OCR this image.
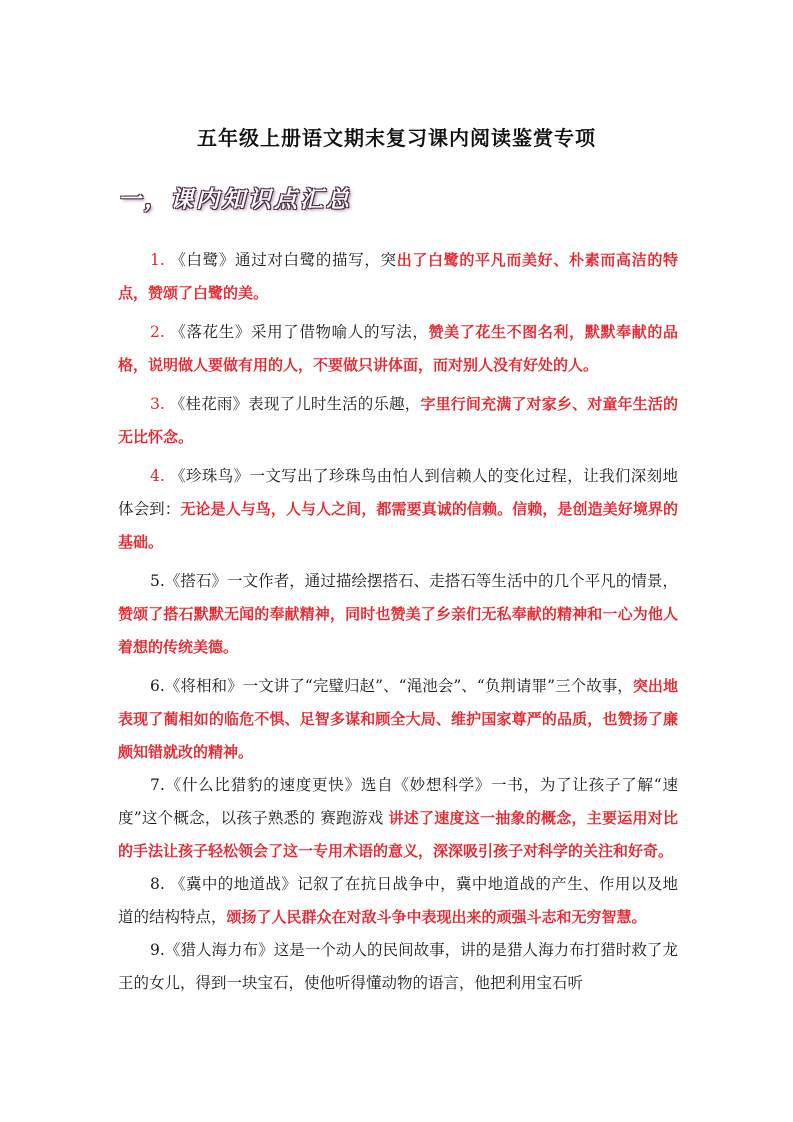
五年级上册语文期末复习课内阅读鉴赏专项
一，课内知识点汇总

1. 《白鹭》通过对白鹭的描写，突出了白鹭的平凡而美好、朴素而高洁的特点，赞颂了白鹭的美。

2. 《落花生》采用了借物喻人的写法，赞美了花生不图名利，默默奉献的品格，说明做人要做有用的人，不要做只讲体面，而对别人没有好处的人。

3. 《桂花雨》表现了儿时生活的乐趣，字里行间充满了对家乡、对童年生活的无比怀念。

4. 《珍珠鸟》一文写出了珍珠鸟由怕人到信赖人的变化过程，让我们深刻地体会到：无论是人与鸟，人与人之间，都需要真诚的信赖。信赖，是创造美好境界的基础。

5.《搭石》一文作者，通过描绘摆搭石、走搭石等生活中的几个平凡的情景，赞颂了搭石默默无闻的奉献精神，同时也赞美了乡亲们无私奉献的精神和一心为他人着想的传统美德。

6.《将相和》一文讲了“完璧归赵”、“渑池会”、“负荆请罪”三个故事，突出地表现了蔺相如的临危不惧、足智多谋和顾全大局、维护国家尊严的品质，也赞扬了廉颇知错就改的精神。

7.《什么比猎豹的速度更快》选自《妙想科学》一书，为了让孩子了解“速度”这个概念，以孩子熟悉的 赛跑游戏 讲述了速度这一抽象的概念，主要运用对比的手法让孩子轻松领会了这一专用术语的意义，深深吸引孩子对科学的关注和好奇。

8. 《冀中的地道战》记叙了在抗日战争中，冀中地道战的产生、作用以及地道的结构特点，颂扬了人民群众在对敌斗争中表现出来的顽强斗志和无穷智慧。

9.《猎人海力布》这是一个动人的民间故事，讲的是猎人海力布打猎时救了龙王的女儿，得到一块宝石，使他听得懂动物的语言，他把利用宝石听
